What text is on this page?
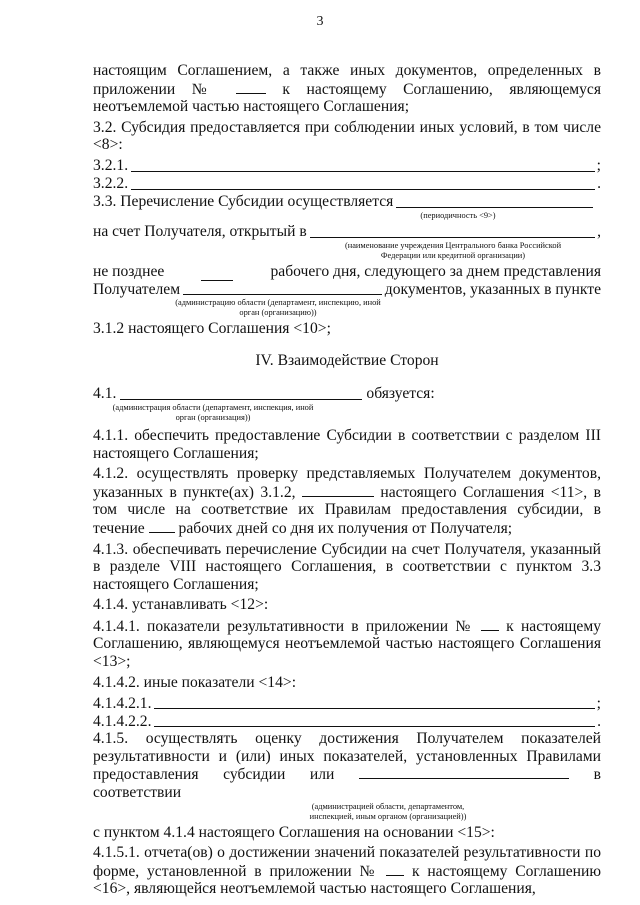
3

настоящим Соглашением, а также иных документов, определенных в приложении №	к настоящему Соглашению, являющемуся неотъемлемой частью настоящего Соглашения;

3.2. Субсидия предоставляется при соблюдении иных условий, в том числе <8>:

3.2.1.	;
3.2.2.	.
3.3. Перечисление Субсидии осуществляется
(периодичность <9>)
на счет Получателя, открытый в	,
(наименование учреждения Центрального банка Российской Федерации или кредитной организации)
не позднее	рабочего дня, следующего за днем представления
Получателем	документов, указанных в пункте
(администрацию области (департамент, инспекцию, иной орган (организацию))

3.1.2 настоящего Соглашения <10>;

IV. Взаимодействие Сторон
4.1.	обязуется:
(администрация области (департамент, инспекция, иной орган (организация))

4.1.1. обеспечить предоставление Субсидии в соответствии с разделом III настоящего Соглашения;

4.1.2. осуществлять проверку представляемых Получателем документов, указанных в пункте(ах) 3.1.2,	настоящего Соглашения <11>, в том числе на соответствие их Правилам предоставления субсидии, в течение рабочих дней со дня их получения от Получателя;

4.1.3. обеспечивать перечисление Субсидии на счет Получателя, указанный в разделе VIII настоящего Соглашения, в соответствии с пунктом 3.3 настоящего Соглашения;

4.1.4. устанавливать <12>:

4.1.4.1. показатели результативности в приложении № к настоящему Соглашению, являющемуся неотъемлемой частью настоящего Соглашения <13>;

4.1.4.2. иные показатели <14>:

4.1.4.2.1.	;
4.1.4.2.2.	.

4.1.5. осуществлять оценку достижения Получателем показателей результативности и (или) иных показателей, установленных Правилами предоставления субсидии или	в соответствии

(администрацией области, департаментом, инспекцией, иным органом (организацией))

с пунктом 4.1.4 настоящего Соглашения на основании <15>:

4.1.5.1. отчета(ов) о достижении значений показателей результативности по форме, установленной в приложении № к настоящему Соглашению <16>, являющейся неотъемлемой частью настоящего Соглашения,
